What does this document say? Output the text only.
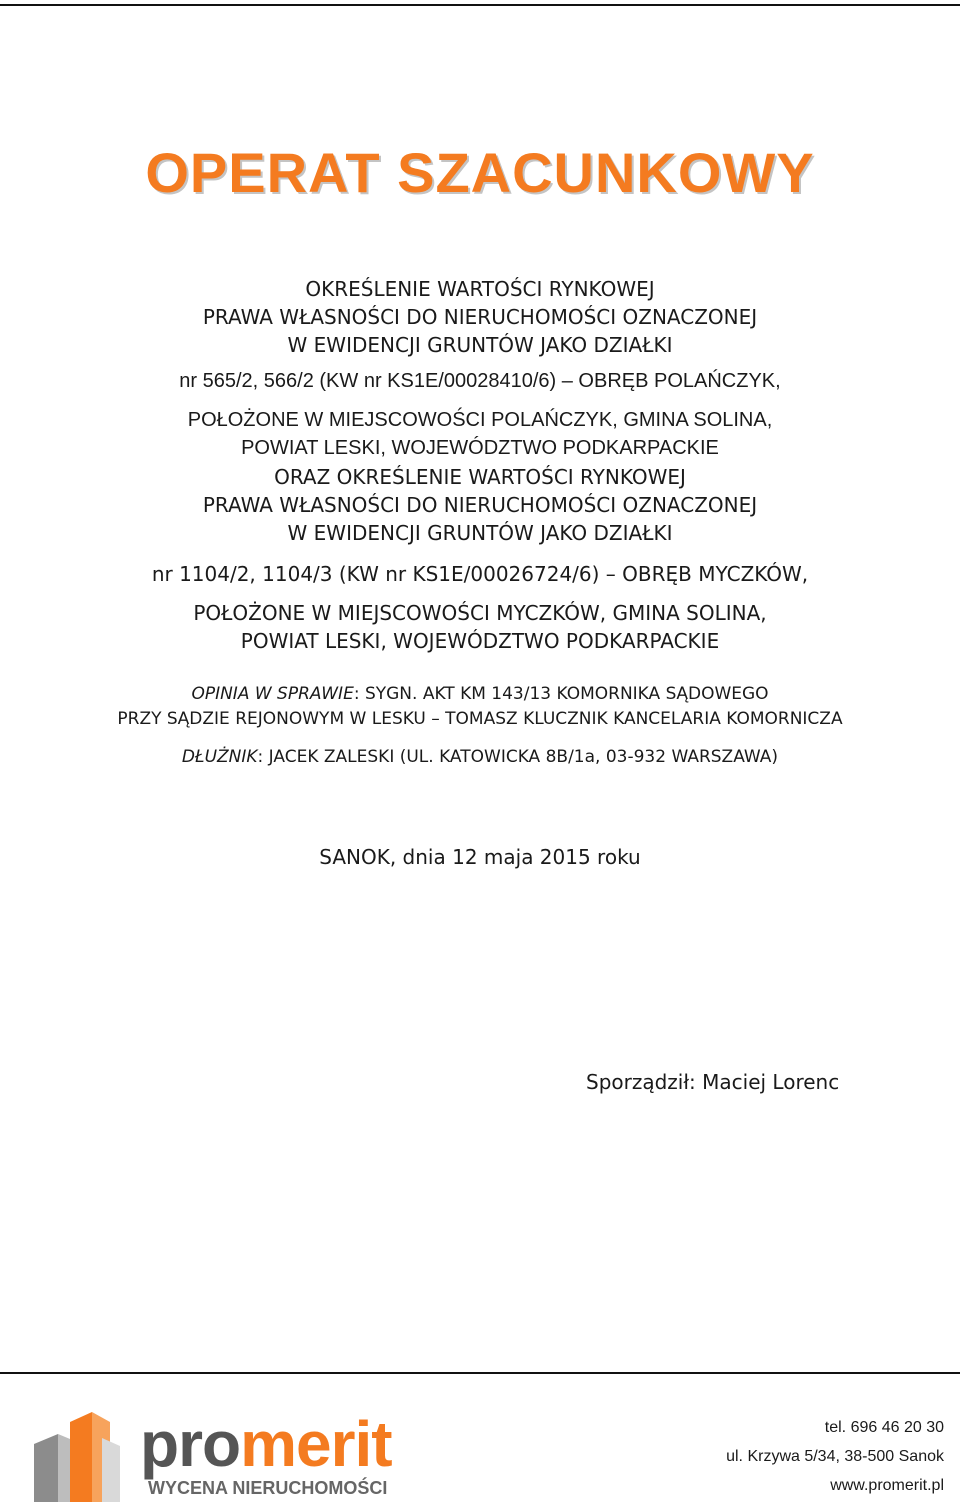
OPERAT SZACUNKOWY
OKREŚLENIE WARTOŚCI RYNKOWEJ
PRAWA WŁASNOŚCI DO NIERUCHOMOŚCI OZNACZONEJ
W EWIDENCJI GRUNTÓW JAKO DZIAŁKI
nr 565/2, 566/2 (KW nr KS1E/00028410/6) – OBRĘB POLAŃCZYK,
POŁOŻONE W MIEJSCOWOŚCI POLAŃCZYK, GMINA SOLINA,
POWIAT LESKI, WOJEWÓDZTWO PODKARPACKIE
ORAZ OKREŚLENIE WARTOŚCI RYNKOWEJ
PRAWA WŁASNOŚCI DO NIERUCHOMOŚCI OZNACZONEJ
W EWIDENCJI GRUNTÓW JAKO DZIAŁKI
nr 1104/2, 1104/3 (KW nr KS1E/00026724/6) – OBRĘB MYCZKÓW,
POŁOŻONE W MIEJSCOWOŚCI MYCZKÓW, GMINA SOLINA,
POWIAT LESKI, WOJEWÓDZTWO PODKARPACKIE
OPINIA W SPRAWIE: SYGN. AKT KM 143/13 KOMORNIKA SĄDOWEGO
PRZY SĄDZIE REJONOWYM W LESKU – TOMASZ KLUCZNIK KANCELARIA KOMORNICZA
DŁUŻNIK: JACEK ZALESKI (UL. KATOWICKA 8B/1a, 03-932 WARSZAWA)
SANOK, dnia 12 maja 2015 roku
Sporządził: Maciej Lorenc
promerit
WYCENA NIERUCHOMOŚCI
tel. 696 46 20 30
ul. Krzywa 5/34, 38-500 Sanok
www.promerit.pl
